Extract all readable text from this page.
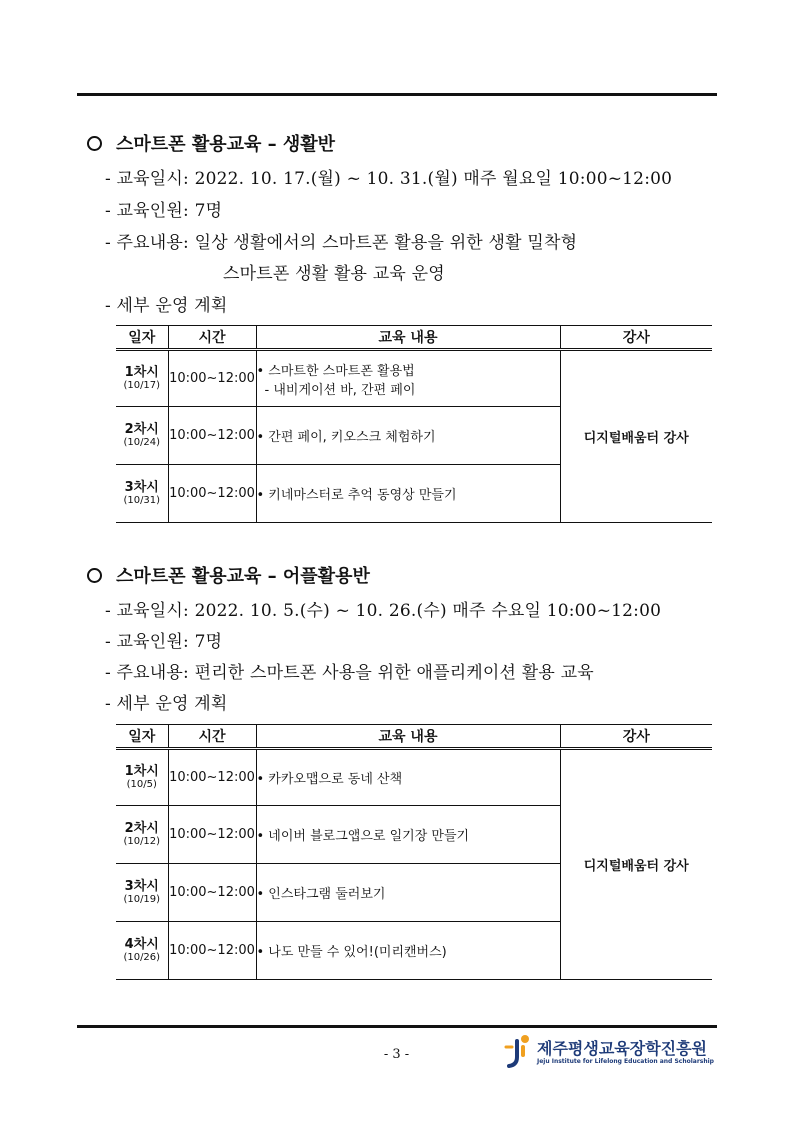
스마트폰 활용교육 – 생활반
- 교육일시: 2022. 10. 17.(월) ~ 10. 31.(월) 매주 월요일 10:00~12:00
- 교육인원: 7명
- 주요내용: 일상 생활에서의 스마트폰 활용을 위한 생활 밀착형
스마트폰 생활 활용 교육 운영
- 세부 운영 계획
일자	시간	교육 내용	강사

1차시
(10/17)	10:00~12:00	• 스마트한 스마트폰 활용법
- 내비게이션 바, 간편 페이	디지털배움터 강사

2차시
(10/24)	10:00~12:00	• 간편 페이, 키오스크 체험하기	

3차시
(10/31)	10:00~12:00	• 키네마스터로 추억 동영상 만들기	
스마트폰 활용교육 – 어플활용반
- 교육일시: 2022. 10. 5.(수) ~ 10. 26.(수) 매주 수요일 10:00~12:00
- 교육인원: 7명
- 주요내용: 편리한 스마트폰 사용을 위한 애플리케이션 활용 교육
- 세부 운영 계획
일자	시간	교육 내용	강사

1차시
(10/5)	10:00~12:00	• 카카오맵으로 동네 산책	디지털배움터 강사

2차시
(10/12)	10:00~12:00	• 네이버 블로그앱으로 일기장 만들기	

3차시
(10/19)	10:00~12:00	• 인스타그램 둘러보기	

4차시
(10/26)	10:00~12:00	• 나도 만들 수 있어!(미리캔버스)	
- 3 -	제주평생교육장학진흥원
Jeju Institute for Lifelong Education and Scholarship
